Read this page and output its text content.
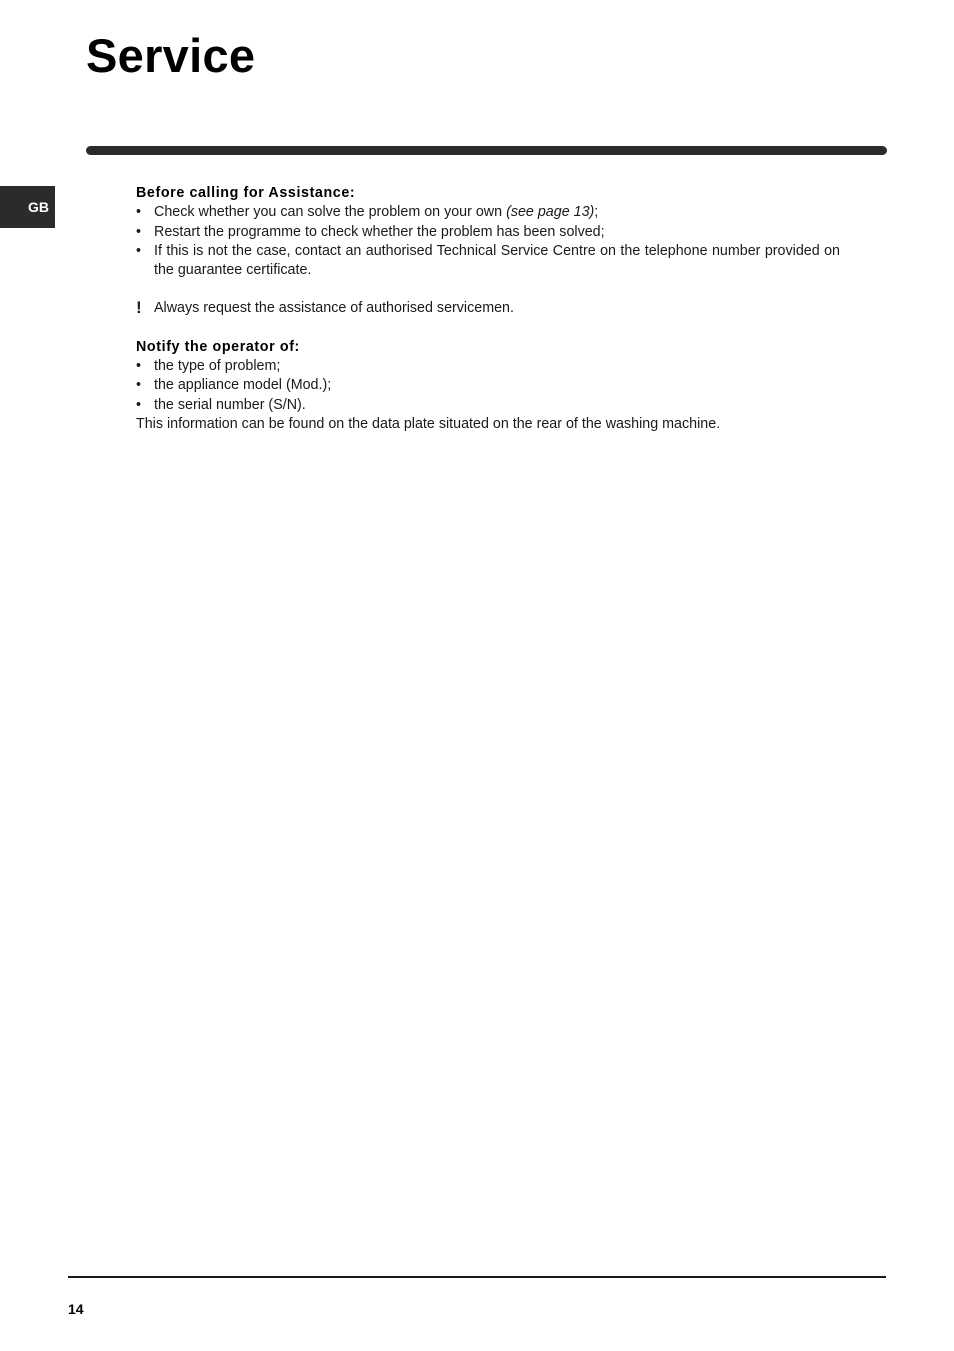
Service
GB

Before calling for Assistance:

• Check whether you can solve the problem on your own (see page 13);
• Restart the programme to check whether the problem has been solved;
• If this is not the case, contact an authorised Technical Service Centre on the telephone number provided on the guarantee certificate.
! Always request the assistance of authorised servicemen.

Notify the operator of:

• the type of problem;
• the appliance model (Mod.);
• the serial number (S/N).

This information can be found on the data plate situated on the rear of the washing machine.

14
